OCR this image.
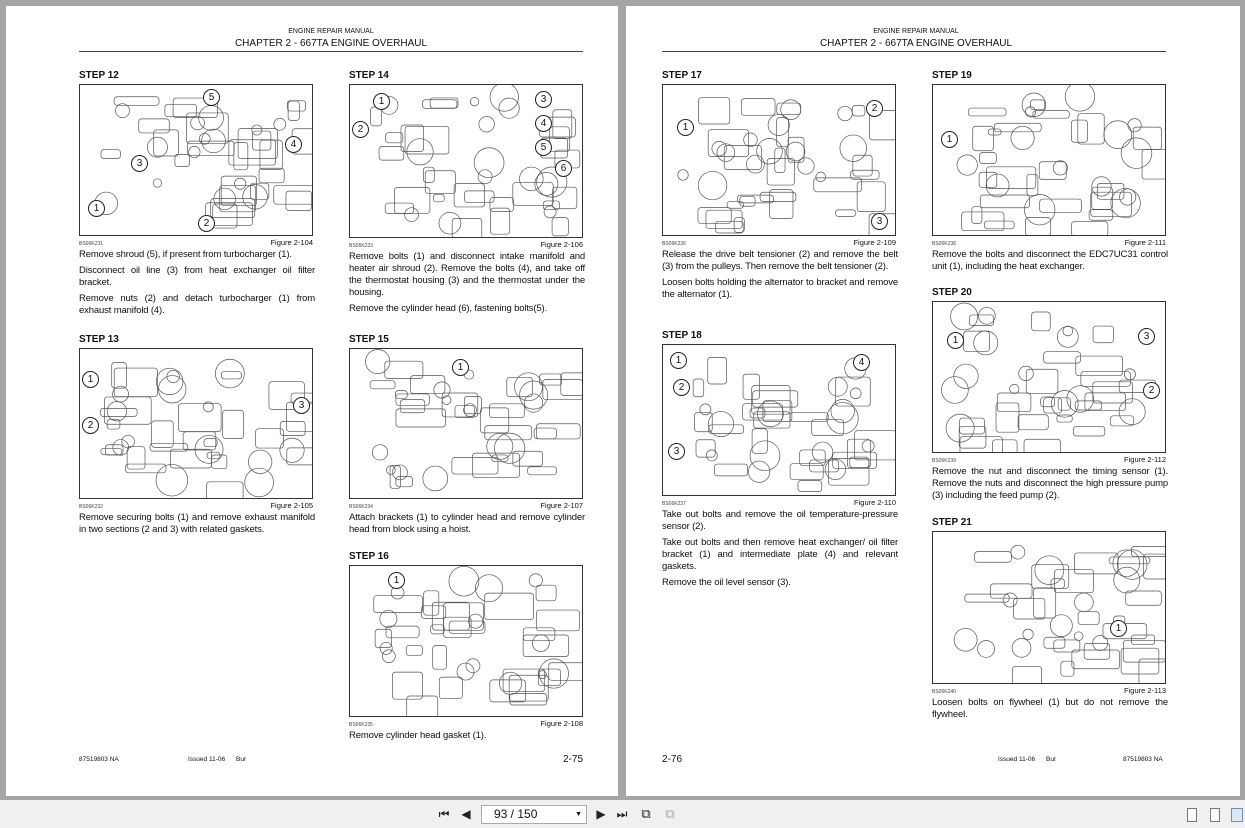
ENGINE REPAIR MANUAL
CHAPTER 2 - 667TA ENGINE OVERHAUL
87519803 NA	Issued 11-06 Bur	2-75
STEP 12
5
4
3
1
2
BS06K231	Figure 2-104

Remove shroud (5), if present from turbocharger (1).

Disconnect oil line (3) from heat exchanger oil filter bracket.

Remove nuts (2) and detach turbocharger (1) from exhaust manifold (4).

STEP 13
1
3
2
BS06K232	Figure 2-105

Remove securing bolts (1) and remove exhaust manifold in two sections (2 and 3) with related gaskets.

STEP 14
1	3
4
2
5
6
BS06K233	Figure 2-106

Remove bolts (1) and disconnect intake manifold and heater air shroud (2). Remove the bolts (4), and take off the thermostat housing (3) and the thermostat under the housing.

Remove the cylinder head (6), fastening bolts(5).

STEP 15
1
BS06K234	Figure 2-107

Attach brackets (1) to cylinder head and remove cylinder head from block using a hoist.

STEP 16
1
BS06K235	Figure 2-108

Remove cylinder head gasket (1).

ENGINE REPAIR MANUAL
CHAPTER 2 - 667TA ENGINE OVERHAUL
Issued 11-06 Bur	87519803 NA
2-76
STEP 17
2
1
3
BS06K236	Figure 2-109

Release the drive belt tensioner (2) and remove the belt (3) from the pulleys. Then remove the belt tensioner (2).

Loosen bolts holding the alternator to bracket and remove the alternator (1).

STEP 18
1	4
2
3
BS06K237	Figure 2-110

Take out bolts and remove the oil temperature-pressure sensor (2).

Take out bolts and then remove heat exchanger/ oil filter bracket (1) and intermediate plate (4) and relevant gaskets.

Remove the oil level sensor (3).

STEP 19
1
BS06K238	Figure 2-111

Remove the bolts and disconnect the EDC7UC31 control unit (1), including the heat exchanger.

STEP 20
1	3
2
BS06K239	Figure 2-112

Remove the nut and disconnect the timing sensor (1). Remove the nuts and disconnect the high pressure pump (3) including the feed pump (2).

STEP 21
1
BS06K240	Figure 2-113

Loosen bolts on flywheel (1) but do not remove the flywheel.

⏮ ◀	93 / 150	▼ ▶ ⏭ ⧉ ⧉
